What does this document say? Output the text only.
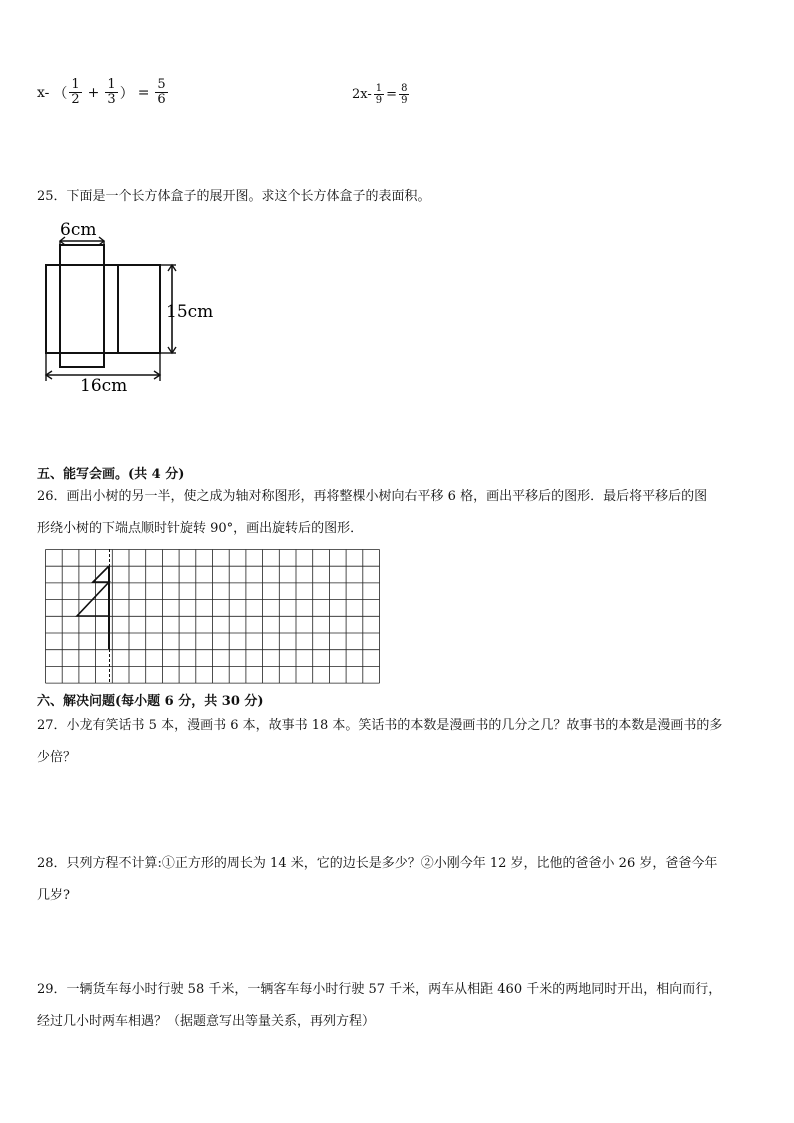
x- （ $\frac{1}{2} + \frac{1}{3}$ ） = $\frac{5}{6}$	$2x- \frac{1}{9} = \frac{8}{9}$
25．下面是一个长方体盒子的展开图。求这个长方体盒子的表面积。
6cm
15cm
16cm
五、能写会画。(共 4 分)
26．画出小树的另一半，使之成为轴对称图形，再将整棵小树向右平移 6 格，画出平移后的图形．最后将平移后的图
形绕小树的下端点顺时针旋转 90°，画出旋转后的图形．
六、解决问题(每小题 6 分，共 30 分)
27．小龙有笑话书 5 本，漫画书 6 本，故事书 18 本。笑话书的本数是漫画书的几分之几？故事书的本数是漫画书的多
少倍？
28．只列方程不计算:①正方形的周长为 14 米，它的边长是多少？②小刚今年 12 岁，比他的爸爸小 26 岁，爸爸今年
几岁?
29．一辆货车每小时行驶 58 千米，一辆客车每小时行驶 57 千米，两车从相距 460 千米的两地同时开出，相向而行，
经过几小时两车相遇？（据题意写出等量关系，再列方程）
